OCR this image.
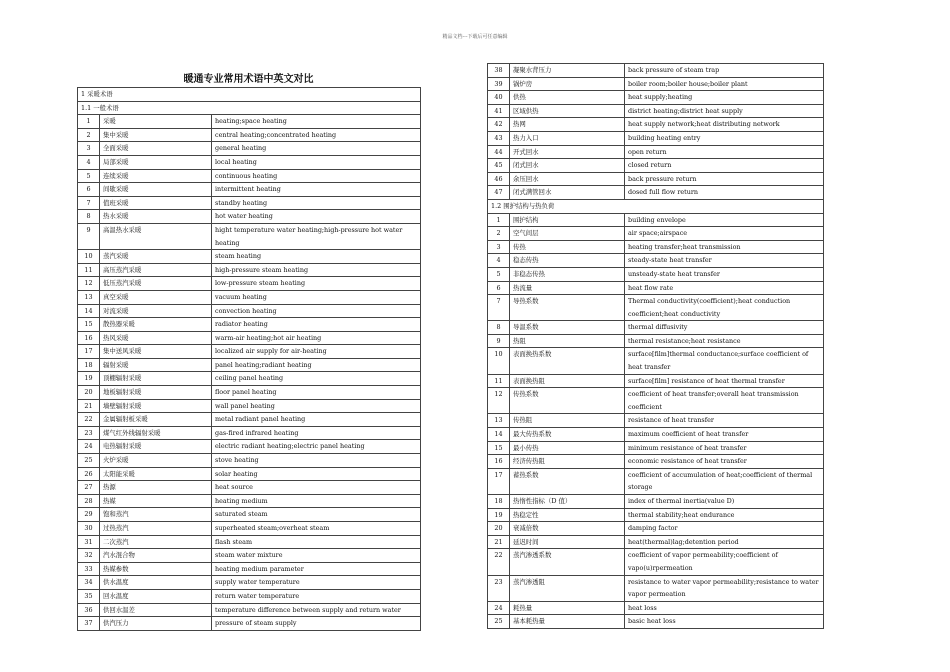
精品文档---下载后可任意编辑
暖通专业常用术语中英文对比
1 采暖术语		
1.1 一般术语		
1	采暖	heating;space heating
2	集中采暖	central heating;concentrated heating
3	全面采暖	general heating
4	局部采暖	local heating
5	连续采暖	continuous heating
6	间歇采暖	intermittent heating
7	值班采暖	standby heating
8	热水采暖	hot water heating
9	高温热水采暖	hight temperature water heating;high-pressure hot water heating
10	蒸汽采暖	steam heating
11	高压蒸汽采暖	high-pressure steam heating
12	低压蒸汽采暖	low-pressure steam heating
13	真空采暖	vacuum heating
14	对流采暖	convection heating
15	散热器采暖	radiator heating
16	热风采暖	warm-air heating;hot air heating
17	集中送风采暖	localized air supply for air-heating
18	辐射采暖	panel heating;radiant heating
19	顶棚辐射采暖	ceiling panel heating
20	地板辐射采暖	floor panel heating
21	墙壁辐射采暖	wall panel heating
22	金属辐射板采暖	metal radiant panel heating
23	煤气红外线辐射采暖	gas-fired infrared heating
24	电热辐射采暖	electric radiant heating;electric panel heating
25	火炉采暖	stove heating
26	太阳能采暖	solar heating
27	热源	heat source
28	热媒	heating medium
29	饱和蒸汽	saturated steam
30	过热蒸汽	superheated steam;overheat steam
31	二次蒸汽	flash steam
32	汽水混合物	steam water mixture
33	热媒参数	heating medium parameter
34	供水温度	supply water temperature
35	回水温度	return water temperature
36	供回水温差	temperature difference between supply and return water
37	供汽压力	pressure of steam supply
38	凝聚水背压力	back pressure of steam trap
39	锅炉房	boiler room;boiler house;boiler plant
40	供热	heat supply;heating
41	区域供热	district heating;district heat supply
42	热网	heat supply network;heat distributing network
43	热力入口	building heating entry
44	开式回水	open return
45	闭式回水	closed return
46	余压回水	back pressure return
47	闭式满管回水	dosed full flow return
1.2 围护结构与热负荷		
1	围护结构	building envelope
2	空气间层	air space;airspace
3	传热	heating transfer;heat transmission
4	稳态传热	steady-state heat transfer
5	非稳态传热	unsteady-state heat transfer
6	热流量	heat flow rate
7	导热系数	Thermal conductivity(coefficient);heat conduction coefficient;heat conductivity
8	导温系数	thermal diffusivity
9	热阻	thermal resistance;heat resistance
10	表面换热系数	surface[film]thermal conductance;surface coefficient of heat transfer
11	表面换热阻	surface[film] resistance of heat thermal transfer
12	传热系数	coefficient of heat transfer;overall heat transmission coefficient
13	传热阻	resistance of heat transfer
14	最大传热系数	maximum coefficient of heat transfer
15	最小传热	minimum resistance of heat transfer
16	经济传热阻	economic resistance of heat transfer
17	蓄热系数	coefficient of accumulation of heat;coefficient of thermal storage
18	热惰性指标（D 值）	index of thermal inertia(value D)
19	热稳定性	thermal stability;heat endurance
20	衰减倍数	damping factor
21	延迟时间	heat(thermal)lag;detention period
22	蒸汽渗透系数	coefficient of vapor permeability;coefficient of vapo(u)rpermeation
23	蒸汽渗透阻	resistance to water vapor permeability;resistance to water vapor permeation
24	耗热量	heat loss
25	基本耗热量	basic heat loss
